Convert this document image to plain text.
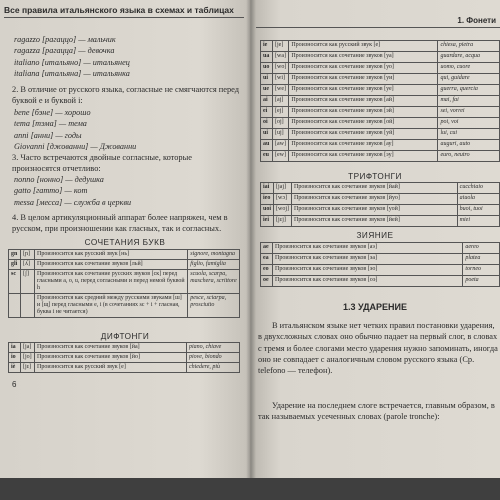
Все правила итальянского языка в схемах и таблицах
ragazzo [рагаццо] — мальчик
ragazza [рагацца] — девочка
italiano [итальяно] — итальянец
italiana [итальяна] — итальянка
2. В отличие от русского языка, согласные не смягчаются перед буквой e и буквой i:
bene [бэне] — хорошо
tema [тэма] — тема
anni [анни] — годы
Giovanni [джованни] — Джованни
3. Часто встречаются двойные согласные, которые произносятся отчетливо:
nonno [нонно] — дедушка
gatto [гатто] — кот
messa [месса] — служба в церкви
4. В целом артикуляционный аппарат более напряжен, чем в русском, при произношении как гласных, так и согласных.
СОЧЕТАНИЯ БУКВ
gn	[ɲ]	Произносится как русский звук [нь]	signore, montagna
gli	[ʎ]	Произносится как сочетание звуков [льй]	figlio, famiglia
sc	[ʃ]	Произносится как сочетание русских звуков [ск] перед гласными a, o, u, перед согласными и перед немой буквой h	scuola, scarpa, maschera, scrittore
		Произносится как средний между русскими звуками [ш] и [щ] перед гласными e, i (в сочетаниях sc + i + гласная, буква i не читается)	pesce, sciarpa, prosciutto
ДИФТОНГИ
ia	[ja]	Произносится как сочетание звуков [йа]	piano, chiave
io	[jo]	Произносится как сочетание звуков [йо]	piove, biondo
iè	[jɛ]	Произносится как русский звук [е]	chiedere, più
6
1. Фонети
ie	[je]	Произносится как русский звук [е]	chiesa, pietra
ua	[wa]	Произносится как сочетание звуков [уа]	guardare, acqua
uo	[wo]	Произносится как сочетание звуков [уо]	uomo, cuore
ui	[wi]	Произносится как сочетание звуков [уи]	qui, guidare
ue	[we]	Произносится как сочетание звуков [уе]	guerra, quercia
ai	[aj]	Произносится как сочетание звуков [ай]	mai, fai
ei	[ej]	Произносится как сочетание звуков [эй]	sei, vorrei
oi	[oj]	Произносится как сочетание звуков [ой]	poi, voi
ui	[uj]	Произносится как сочетание звуков [уй]	lui, cui
au	[aw]	Произносится как сочетание звуков [ау]	auguri, auto
eu	[ew]	Произносится как сочетание звуков [эу]	euro, neutro
ТРИФТОНГИ
iai	[jaj]	Произносится как сочетание звуков [йай]	cucchiaio
ieo	[wɔ]	Произносится как сочетание звуков [йуо]	aiuola
uoi	[woj]	Произносится как сочетание звуков [уой]	buoi, tuoi
iei	[jɛj]	Произносится как сочетание звуков [йей]	miei
ЗИЯНИЕ
ae	Произносится как сочетание звуков [аэ]	aereo
ea	Произносится как сочетание звуков [эа]	platea
eo	Произносится как сочетание звуков [эо]	torneo
oe	Произносится как сочетание звуков [оэ]	poeta
1.3 УДАРЕНИЕ
В итальянском языке нет четких правил постановки ударения, в двухсложных словах оно обычно падает на первый слог, в словах с тремя и более слогами место ударения нужно запоминать, иногда оно не совпадает с аналогичным словом русского языка (Ср. telefono — телефон).
Ударение на последнем слоге встречается, главным образом, в так называемых усеченных словах (parole tronche):
